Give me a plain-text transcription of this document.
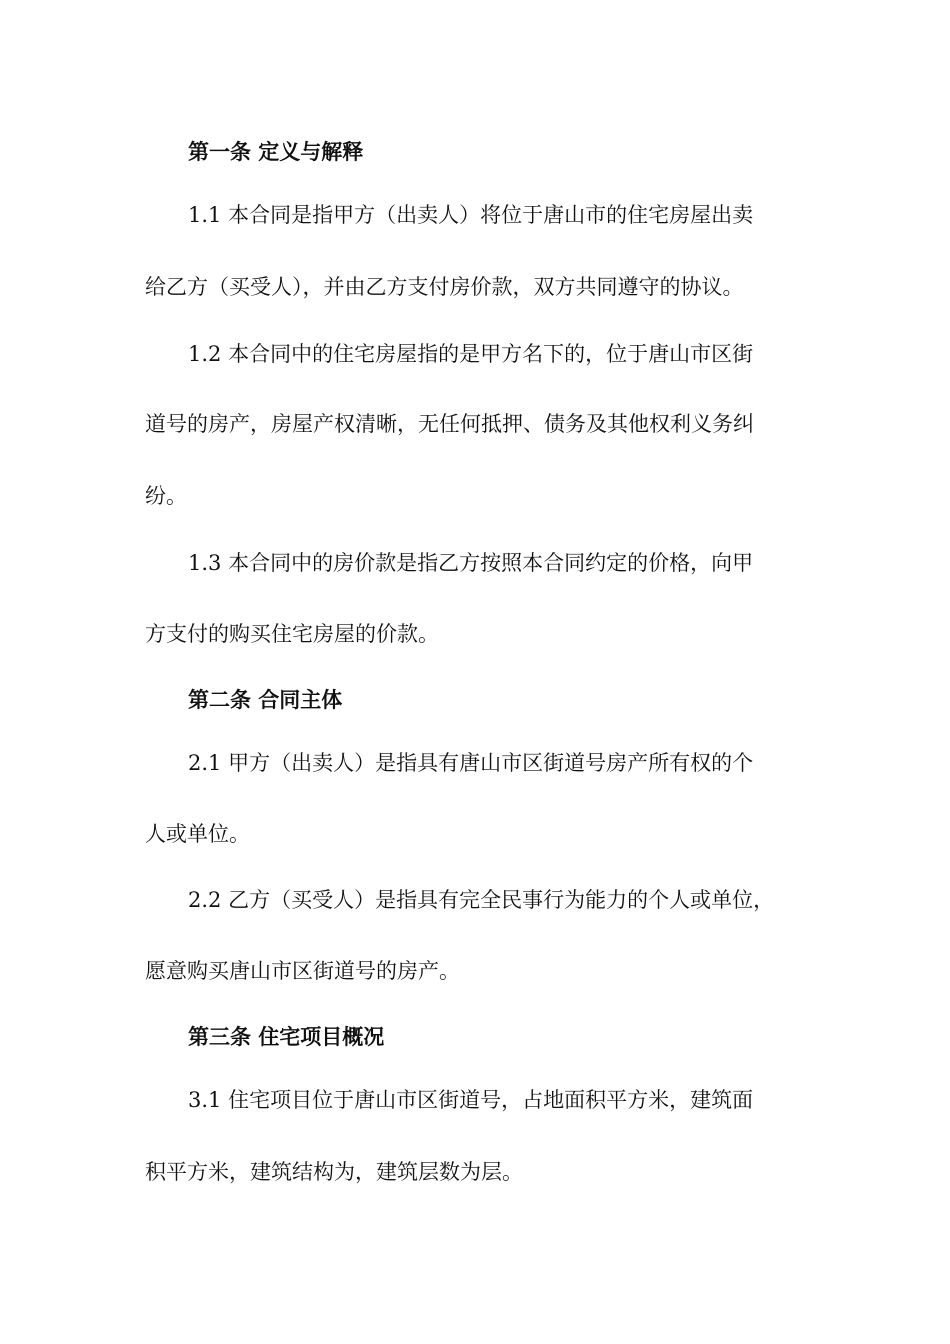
第一条 定义与解释
1.1 本合同是指甲方（出卖人）将位于唐山市的住宅房屋出卖
给乙方（买受人），并由乙方支付房价款，双方共同遵守的协议。
1.2 本合同中的住宅房屋指的是甲方名下的，位于唐山市区街
道号的房产，房屋产权清晰，无任何抵押、债务及其他权利义务纠
纷。
1.3 本合同中的房价款是指乙方按照本合同约定的价格，向甲
方支付的购买住宅房屋的价款。
第二条 合同主体
2.1 甲方（出卖人）是指具有唐山市区街道号房产所有权的个
人或单位。
2.2 乙方（买受人）是指具有完全民事行为能力的个人或单位，
愿意购买唐山市区街道号的房产。
第三条 住宅项目概况
3.1 住宅项目位于唐山市区街道号，占地面积平方米，建筑面
积平方米，建筑结构为，建筑层数为层。
